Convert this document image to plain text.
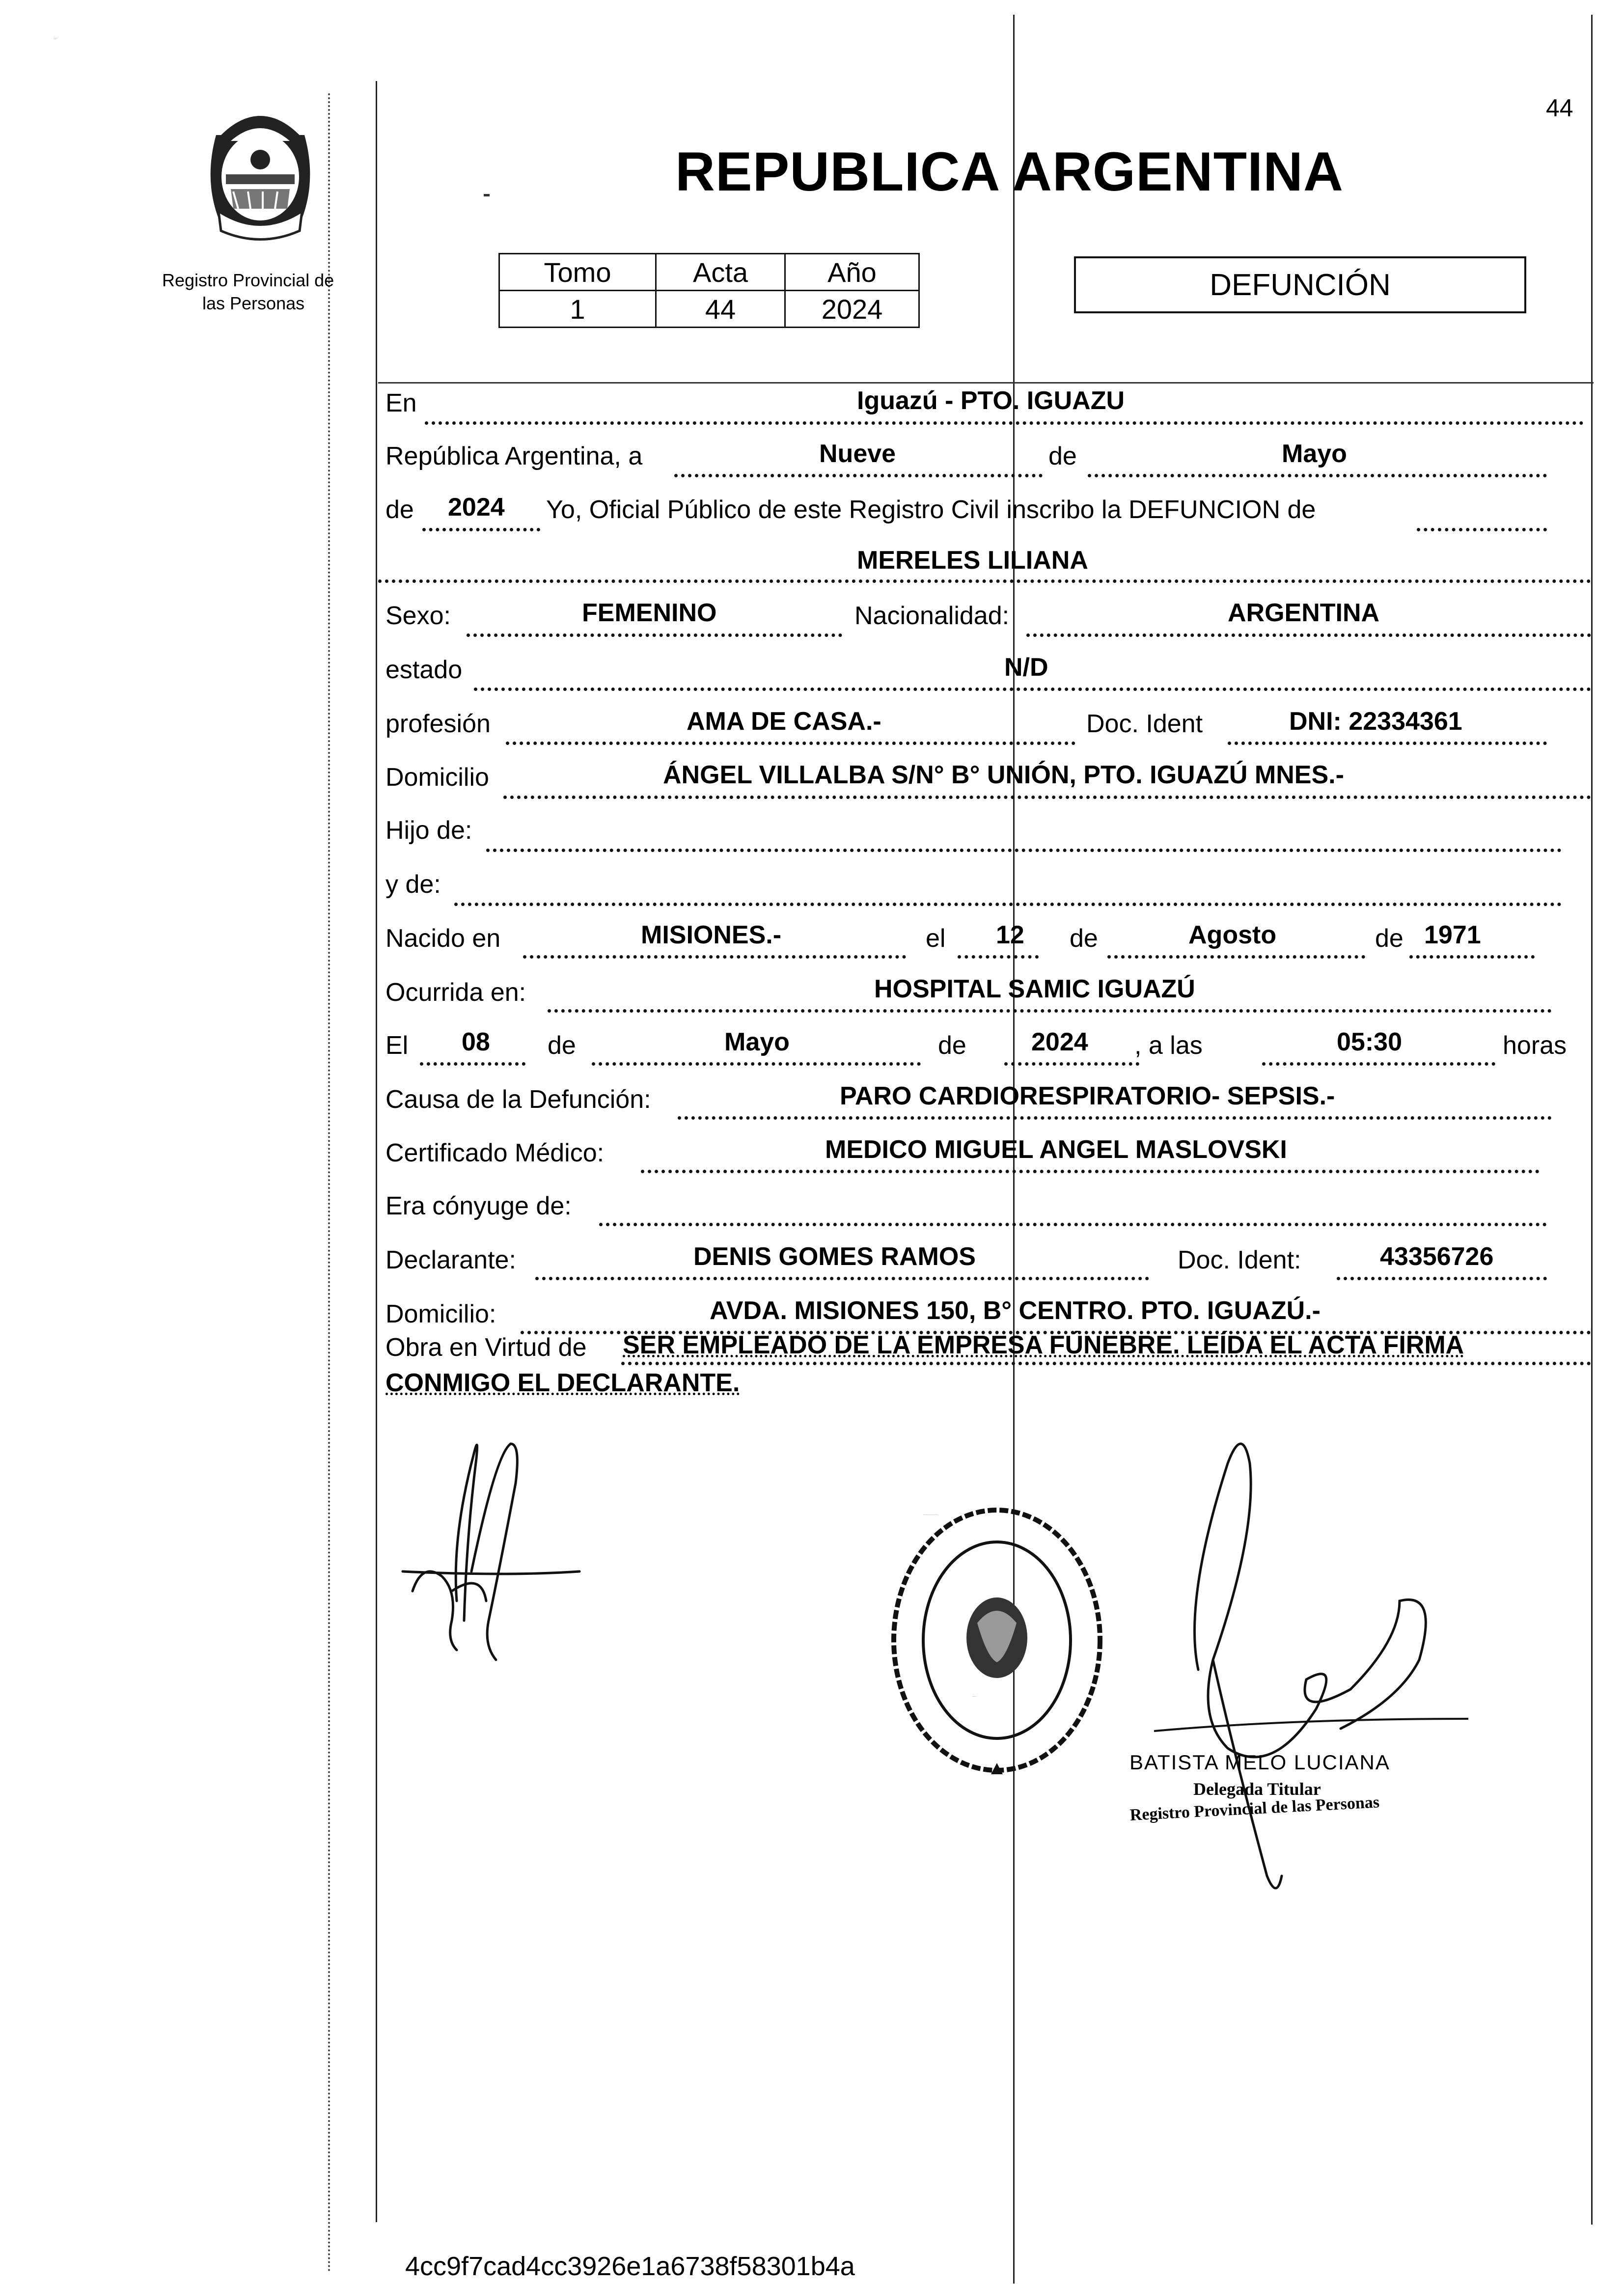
44
PROVINCIA DE
MISIONES
Registro Provincial de
las Personas
REPUBLICA ARGENTINA
Tomo	Acta	Año
1	44	2024
DEFUNCIÓN
En	Iguazú - PTO. IGUAZU
República Argentina, a	Nueve	de	Mayo
de 2024 Yo, Oficial Público de este Registro Civil inscribo la DEFUNCION de
MERELES LILIANA
Sexo:	FEMENINO	Nacionalidad:	ARGENTINA
estado	N/D
profesión	AMA DE CASA.-	Doc. Ident	DNI: 22334361
Domicilio	ÁNGEL VILLALBA S/N° B° UNIÓN, PTO. IGUAZÚ MNES.-
Hijo de:
y de:
Nacido en	MISIONES.-	el 12 de	Agosto	de 1971
Ocurrida en:	HOSPITAL SAMIC IGUAZÚ
El 08 de	Mayo	de	2024 , a las	05:30	horas
Causa de la Defunción:	PARO CARDIORESPIRATORIO- SEPSIS.-
Certificado Médico:	MEDICO MIGUEL ANGEL MASLOVSKI
Era cónyuge de:
Declarante:	DENIS GOMES RAMOS	Doc. Ident:	43356726
Domicilio:	AVDA. MISIONES 150, B° CENTRO. PTO. IGUAZÚ.-
Obra en Virtud de SER EMPLEADO DE LA EMPRESA FÚNEBRE. LEÍDA EL ACTA FIRMA
CONMIGO EL DECLARANTE.
DELEGACION DEL REGISTRO PROVINCIAL DE LAS PERSONAS
PUERTO IGUAZU
BATISTA MELO LUCIANA
Delegada Titular
Registro Provincial de las Personas
4cc9f7cad4cc3926e1a6738f58301b4a
